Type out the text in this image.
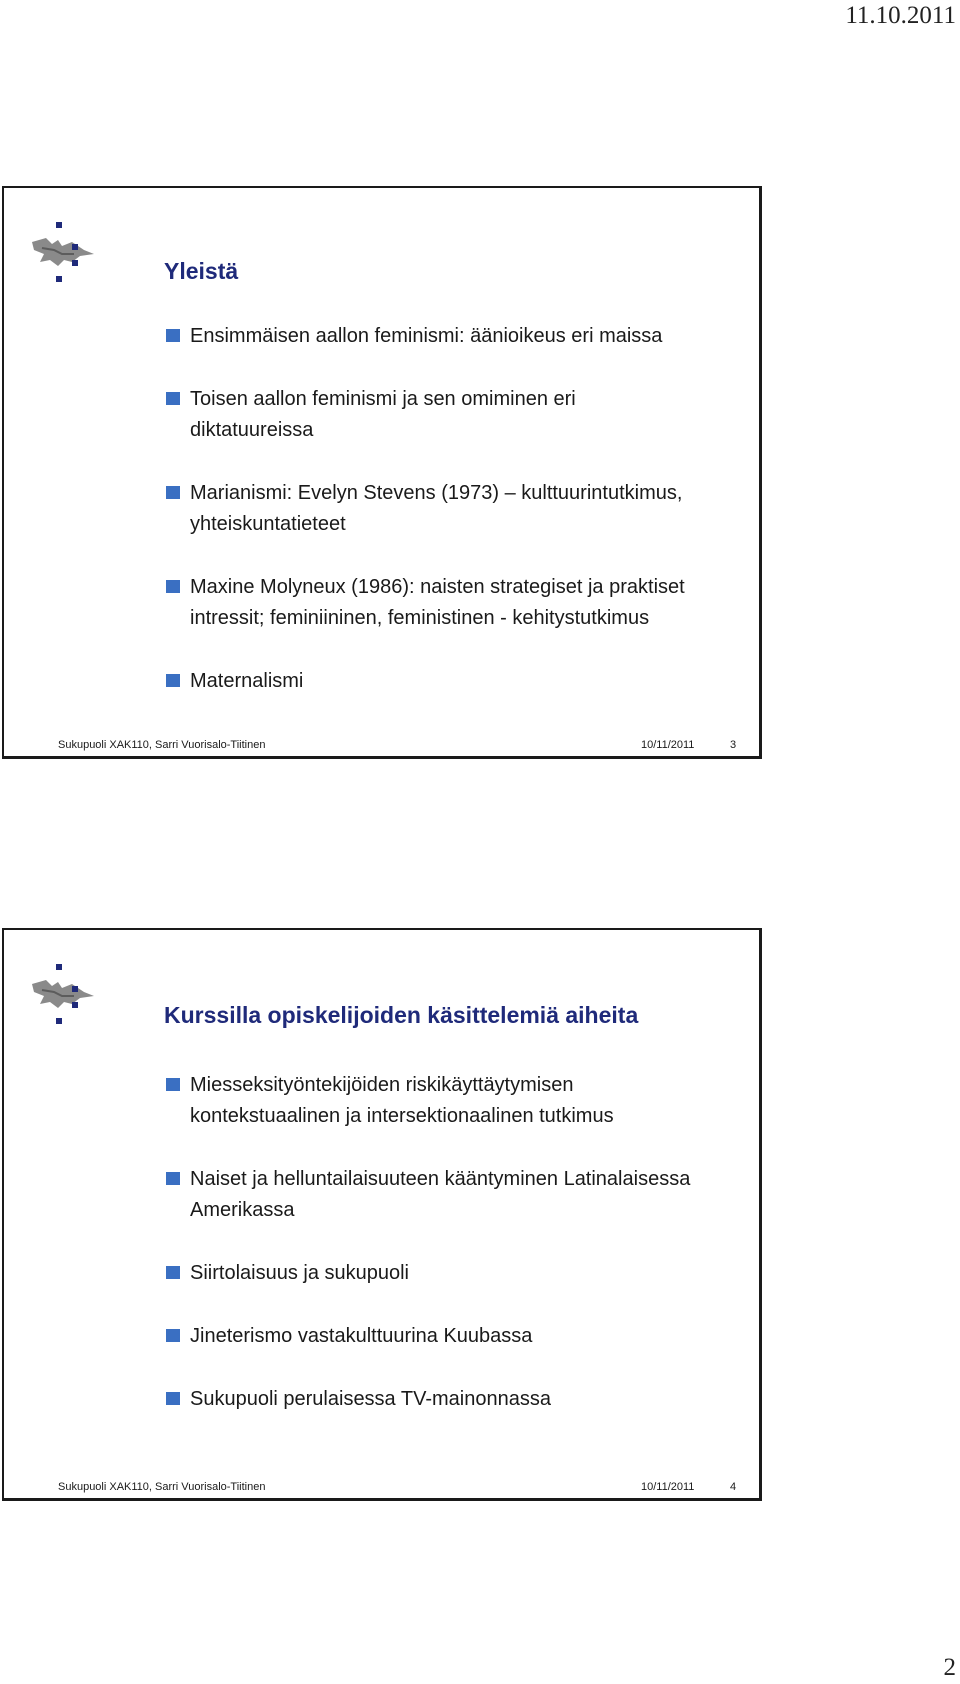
11.10.2011
Yleistä
Ensimmäisen aallon feminismi: äänioikeus eri maissa
Toisen aallon feminismi ja sen omiminen eri diktatuureissa
Marianismi: Evelyn Stevens (1973) – kulttuurintutkimus, yhteiskuntatieteet
Maxine Molyneux (1986): naisten strategiset ja praktiset intressit; feminiininen, feministinen - kehitystutkimus
Maternalismi
Sukupuoli XAK110, Sarri Vuorisalo-Tiitinen	10/11/2011	3
Kurssilla opiskelijoiden käsittelemiä aiheita
Miesseksityöntekijöiden riskikäyttäytymisen kontekstuaalinen ja intersektionaalinen tutkimus
Naiset ja helluntailaisuuteen kääntyminen Latinalaisessa Amerikassa
Siirtolaisuus ja sukupuoli
Jineterismo vastakulttuurina Kuubassa
Sukupuoli perulaisessa TV-mainonnassa
Sukupuoli XAK110, Sarri Vuorisalo-Tiitinen	10/11/2011	4
2
